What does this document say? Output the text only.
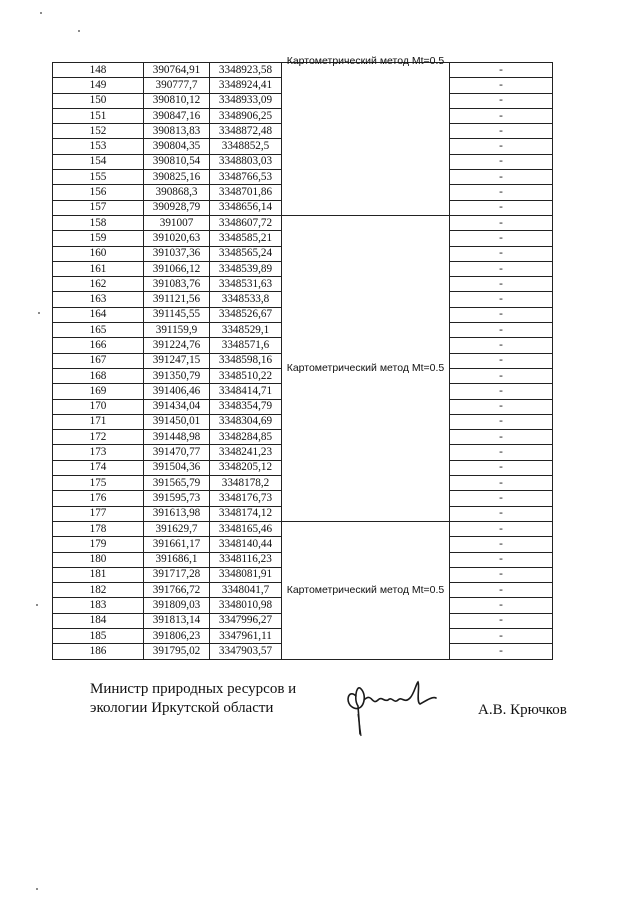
148	390764,91	3348923,58	Картометрический метод Mt=0.5	-
149	390777,7	3348924,41		-
150	390810,12	3348933,09		-
151	390847,16	3348906,25		-
152	390813,83	3348872,48		-
153	390804,35	3348852,5		-
154	390810,54	3348803,03		-
155	390825,16	3348766,53		-
156	390868,3	3348701,86		-
157	390928,79	3348656,14		-
158	391007	3348607,72	Картометрический метод Mt=0.5	-
159	391020,63	3348585,21		-
160	391037,36	3348565,24		-
161	391066,12	3348539,89		-
162	391083,76	3348531,63		-
163	391121,56	3348533,8		-
164	391145,55	3348526,67		-
165	391159,9	3348529,1		-
166	391224,76	3348571,6		-
167	391247,15	3348598,16		-
168	391350,79	3348510,22		-
169	391406,46	3348414,71		-
170	391434,04	3348354,79		-
171	391450,01	3348304,69		-
172	391448,98	3348284,85		-
173	391470,77	3348241,23		-
174	391504,36	3348205,12		-
175	391565,79	3348178,2		-
176	391595,73	3348176,73		-
177	391613,98	3348174,12		-
178	391629,7	3348165,46	Картометрический метод Mt=0.5	-
179	391661,17	3348140,44		-
180	391686,1	3348116,23		-
181	391717,28	3348081,91		-
182	391766,72	3348041,7		-
183	391809,03	3348010,98		-
184	391813,14	3347996,27		-
185	391806,23	3347961,11		-
186	391795,02	3347903,57		-
Министр природных ресурсов и
экологии Иркутской области	А.В. Крючков
